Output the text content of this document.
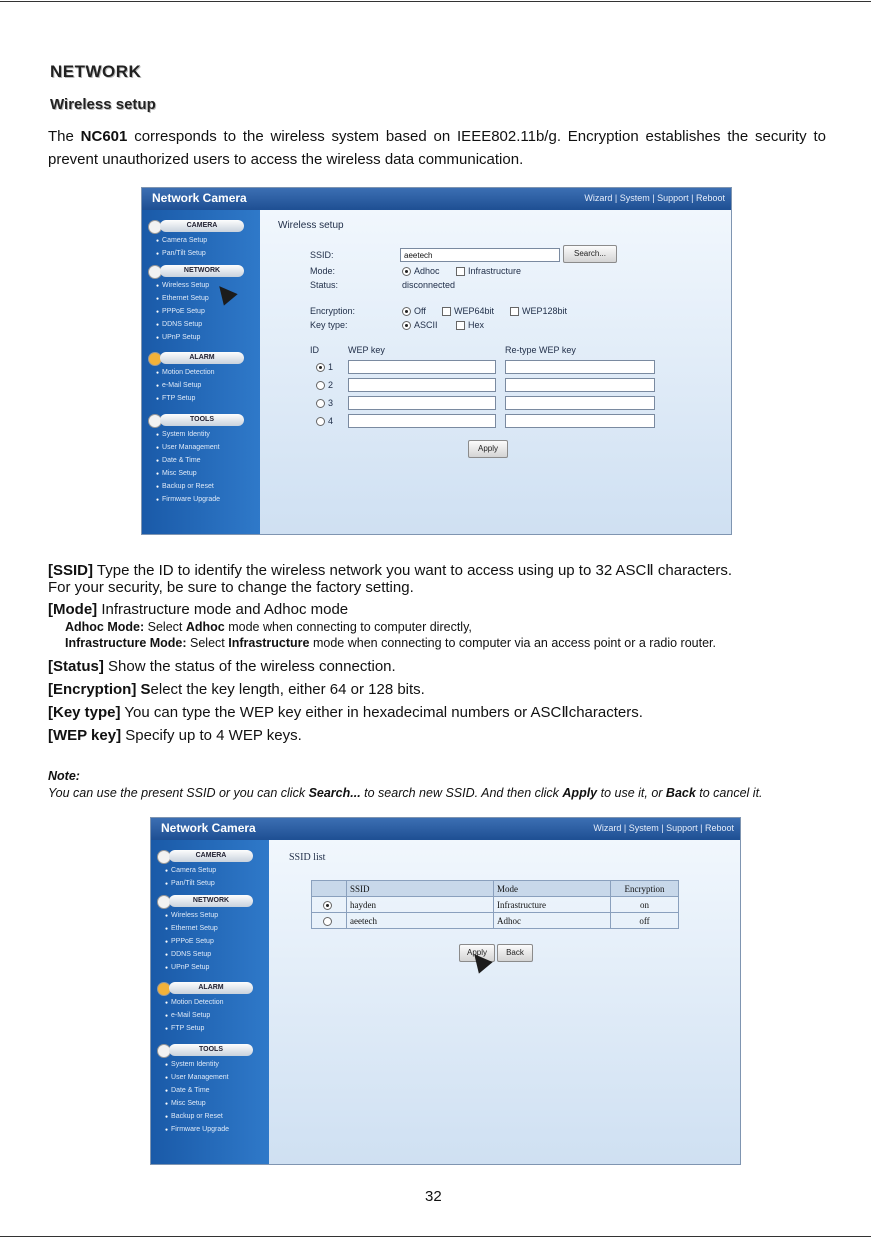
NETWORK
Wireless setup
The NC601 corresponds to the wireless system based on IEEE802.11b/g. Encryption establishes the security to prevent unauthorized users to access the wireless data communication.
Network Camera	Wizard | System | Support | Reboot
CAMERA
● Camera Setup
● Pan/Tilt Setup
NETWORK
● Wireless Setup
● Ethernet Setup
● PPPoE Setup
● DDNS Setup
● UPnP Setup
ALARM
● Motion Detection
● e-Mail Setup
● FTP Setup
TOOLS
● System Identity
● User Management
● Date & Time
● Misc Setup
● Backup or Reset
● Firmware Upgrade
Wireless setup
SSID:	aeetech	Search...
Mode:	Adhoc	Infrastructure
Status:	disconnected
Encryption:	Off	WEP64bit	WEP128bit
Key type:	ASCII	Hex
ID	WEP key	Re-type WEP key
1
2
3
4
Apply
[SSID] Type the ID to identify the wireless network you want to access using up to 32 ASCⅡ characters.
For your security, be sure to change the factory setting.
[Mode] Infrastructure mode and Adhoc mode
Adhoc Mode: Select Adhoc mode when connecting to computer directly,
Infrastructure Mode: Select Infrastructure mode when connecting to computer via an access point or a radio router.
[Status] Show the status of the wireless connection.
[Encryption] Select the key length, either 64 or 128 bits.
[Key type] You can type the WEP key either in hexadecimal numbers or ASCⅡcharacters.
[WEP key] Specify up to 4 WEP keys.
Note:
You can use the present SSID or you can click Search... to search new SSID. And then click Apply to use it, or Back to cancel it.
Network Camera	Wizard | System | Support | Reboot
CAMERA
● Camera Setup
● Pan/Tilt Setup
NETWORK
● Wireless Setup
● Ethernet Setup
● PPPoE Setup
● DDNS Setup
● UPnP Setup
ALARM
● Motion Detection
● e-Mail Setup
● FTP Setup
TOOLS
● System Identity
● User Management
● Date & Time
● Misc Setup
● Backup or Reset
● Firmware Upgrade
SSID list
	SSID	Mode	Encryption
	hayden	Infrastructure	on
	aeetech	Adhoc	off
Apply	Back
32
